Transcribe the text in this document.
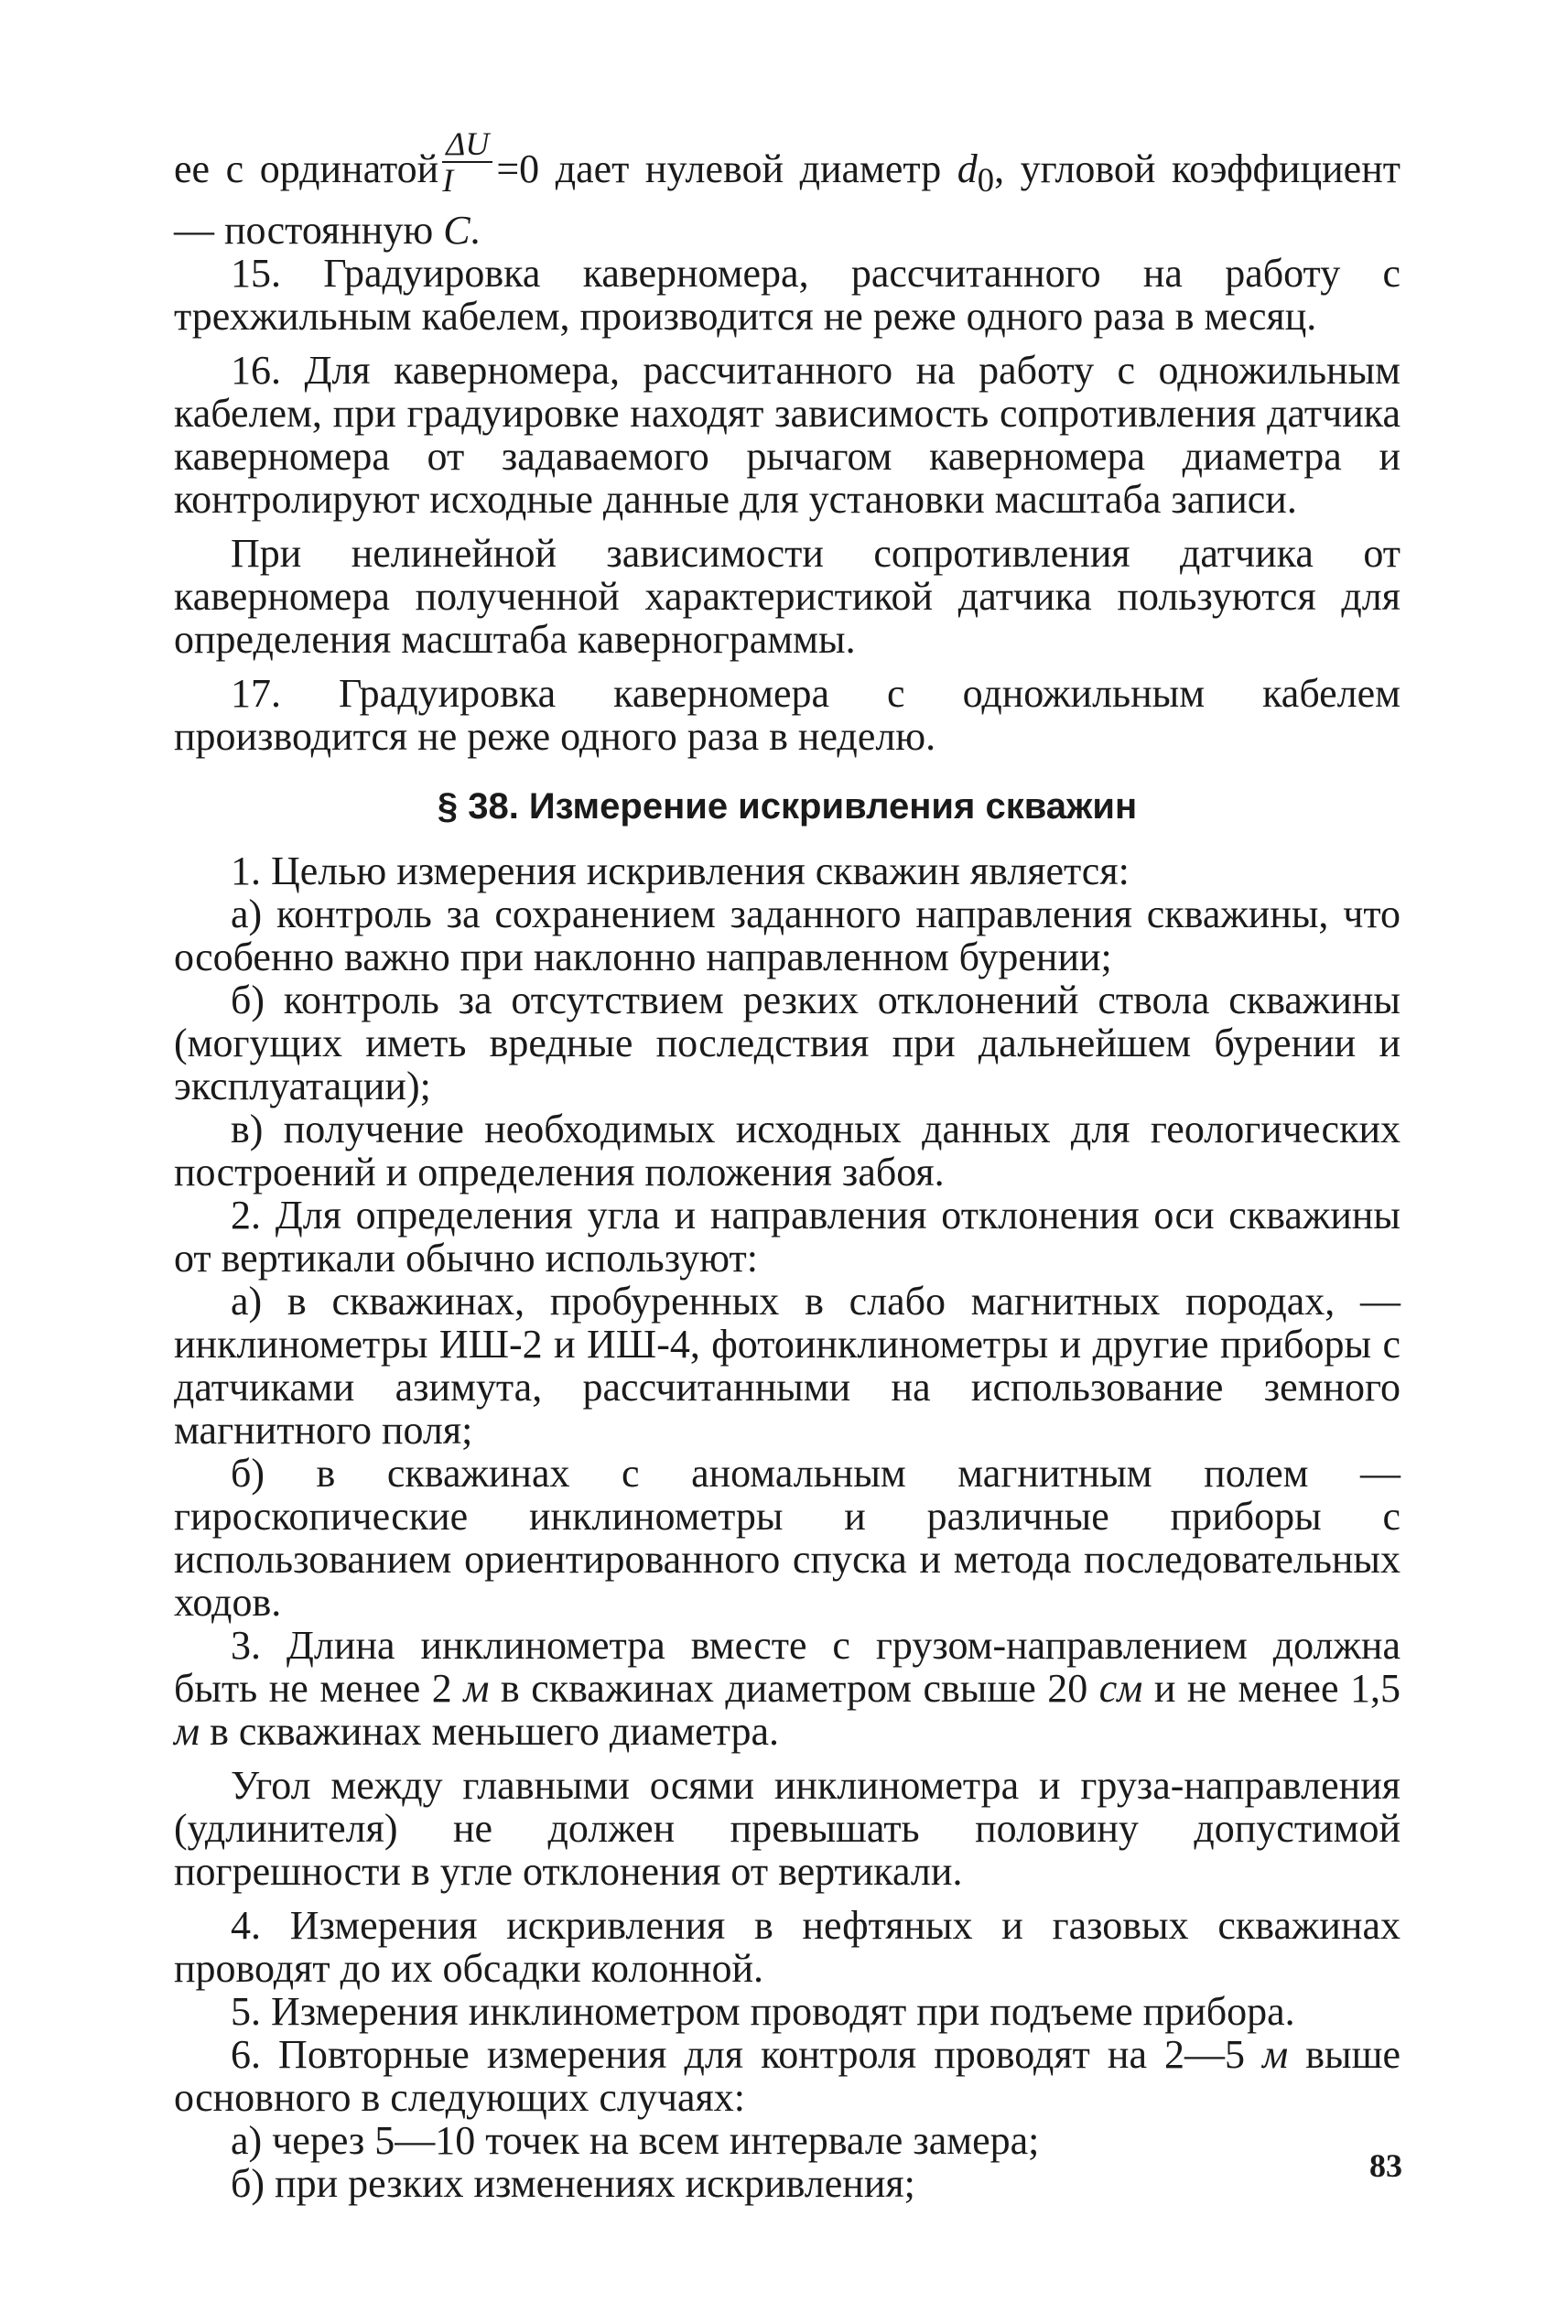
ее с ординатой $\frac{\Delta U}{I} =0$ дает нулевой диаметр $d_0$, угловой коэффициент — постоянную C.

15. Градуировка каверномера, рассчитанного на работу с трехжильным кабелем, производится не реже одного раза в месяц.

16. Для каверномера, рассчитанного на работу с одножильным кабелем, при градуировке находят зависимость сопротивления датчика каверномера от задаваемого рычагом каверномера диаметра и контролируют исходные данные для установки масштаба записи.

При нелинейной зависимости сопротивления датчика от каверномера полученной характеристикой датчика пользуются для определения масштаба кавернограммы.

17. Градуировка каверномера с одножильным кабелем производится не реже одного раза в неделю.

§ 38. Измерение искривления скважин

1. Целью измерения искривления скважин является:

а) контроль за сохранением заданного направления скважины, что особенно важно при наклонно направленном бурении;

б) контроль за отсутствием резких отклонений ствола скважины (могущих иметь вредные последствия при дальнейшем бурении и эксплуатации);

в) получение необходимых исходных данных для геологических построений и определения положения забоя.

2. Для определения угла и направления отклонения оси скважины от вертикали обычно используют:

а) в скважинах, пробуренных в слабо магнитных породах, — инклинометры ИШ-2 и ИШ-4, фотоинклинометры и другие приборы с датчиками азимута, рассчитанными на использование земного магнитного поля;

б) в скважинах с аномальным магнитным полем — гироскопические инклинометры и различные приборы с использованием ориентированного спуска и метода последовательных ходов.

3. Длина инклинометра вместе с грузом-направлением должна быть не менее 2 м в скважинах диаметром свыше 20 см и не менее 1,5 м в скважинах меньшего диаметра.

Угол между главными осями инклинометра и груза-направления (удлинителя) не должен превышать половину допустимой погрешности в угле отклонения от вертикали.

4. Измерения искривления в нефтяных и газовых скважинах проводят до их обсадки колонной.

5. Измерения инклинометром проводят при подъеме прибора.

6. Повторные измерения для контроля проводят на 2—5 м выше основного в следующих случаях:

а) через 5—10 точек на всем интервале замера;

б) при резких изменениях искривления;	83
